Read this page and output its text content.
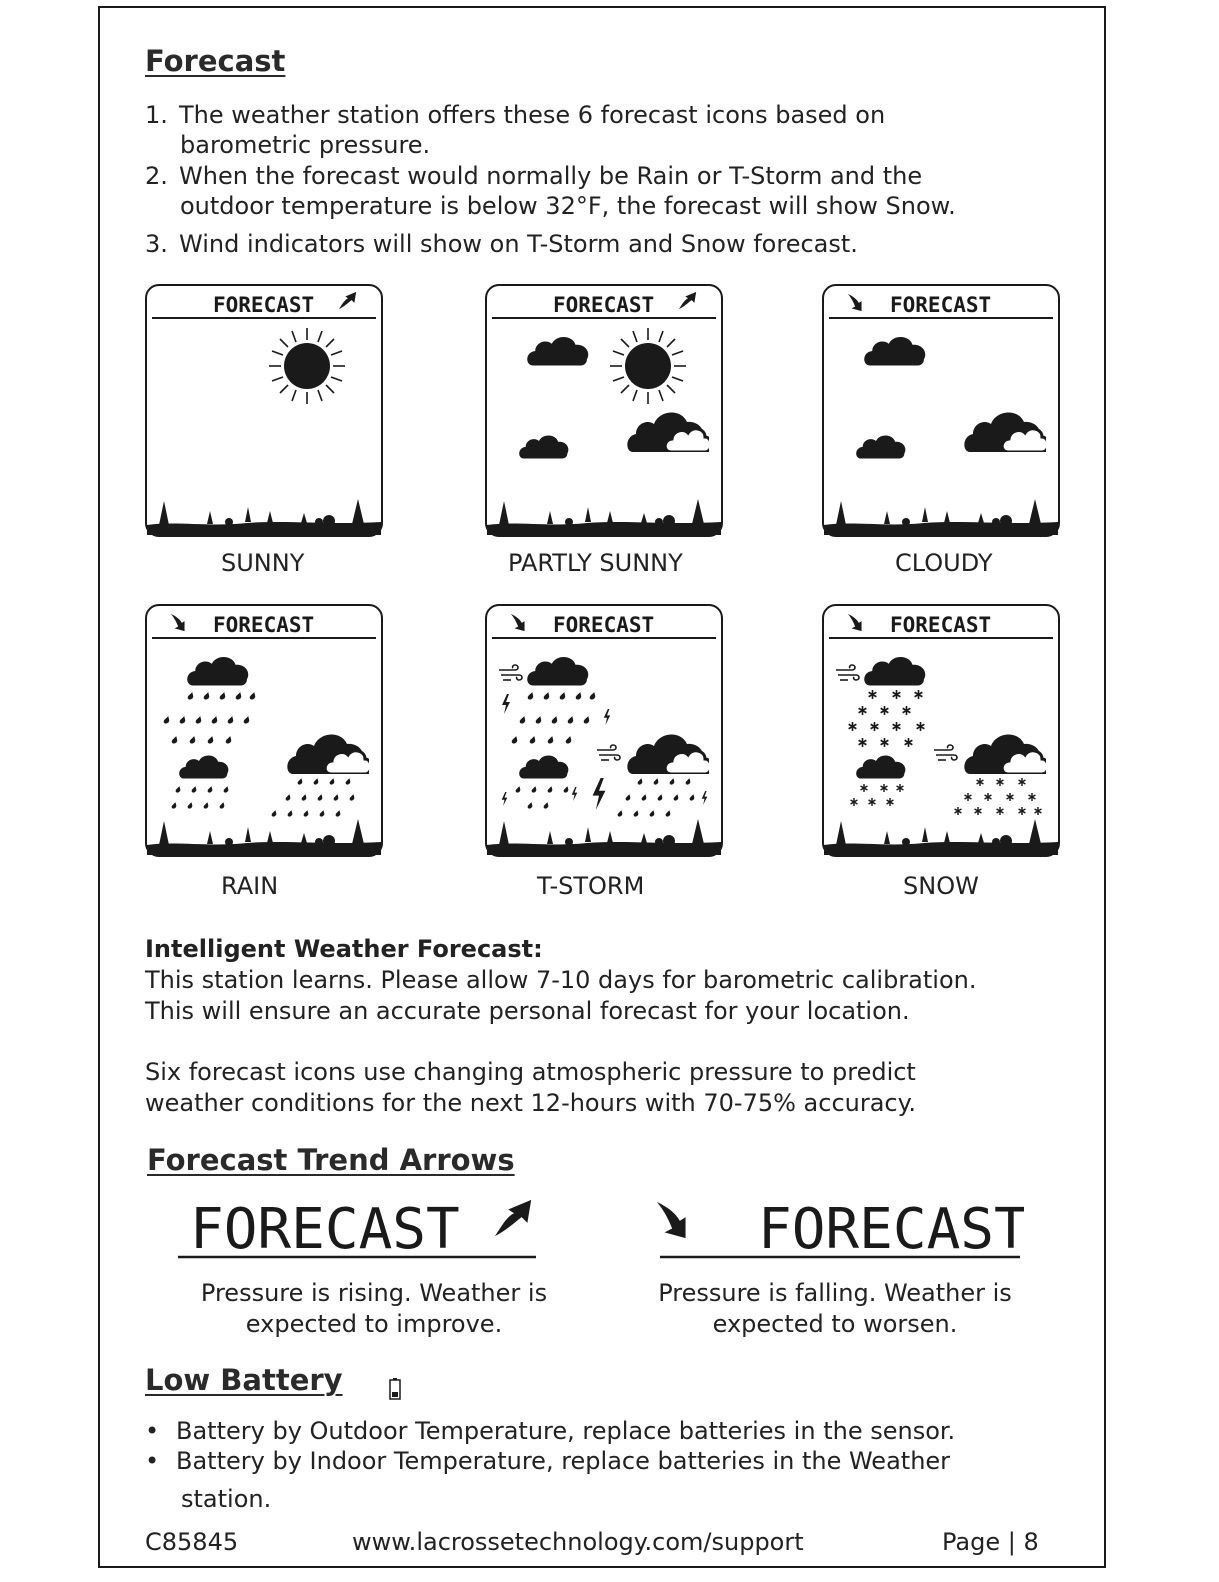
Forecast
1. The weather station offers these 6 forecast icons based on
barometric pressure.
2. When the forecast would normally be Rain or T-Storm and the
outdoor temperature is below 32°F, the forecast will show Snow.
3. Wind indicators will show on T-Storm and Snow forecast.
FORECAST
SUNNY
FORECAST
PARTLY SUNNY
FORECAST
CLOUDY
FORECAST
RAIN
FORECAST
T-STORM
FORECAST
SNOW
Intelligent Weather Forecast:
This station learns. Please allow 7-10 days for barometric calibration.
This will ensure an accurate personal forecast for your location.
Six forecast icons use changing atmospheric pressure to predict
weather conditions for the next 12-hours with 70-75% accuracy.
Forecast Trend Arrows
FORECAST
Pressure is rising. Weather is
expected to improve.
FORECAST
Pressure is falling. Weather is
expected to worsen.
Low Battery
• Battery by Outdoor Temperature, replace batteries in the sensor.
• Battery by Indoor Temperature, replace batteries in the Weather
station.
C85845	www.lacrossetechnology.com/support	Page | 8
